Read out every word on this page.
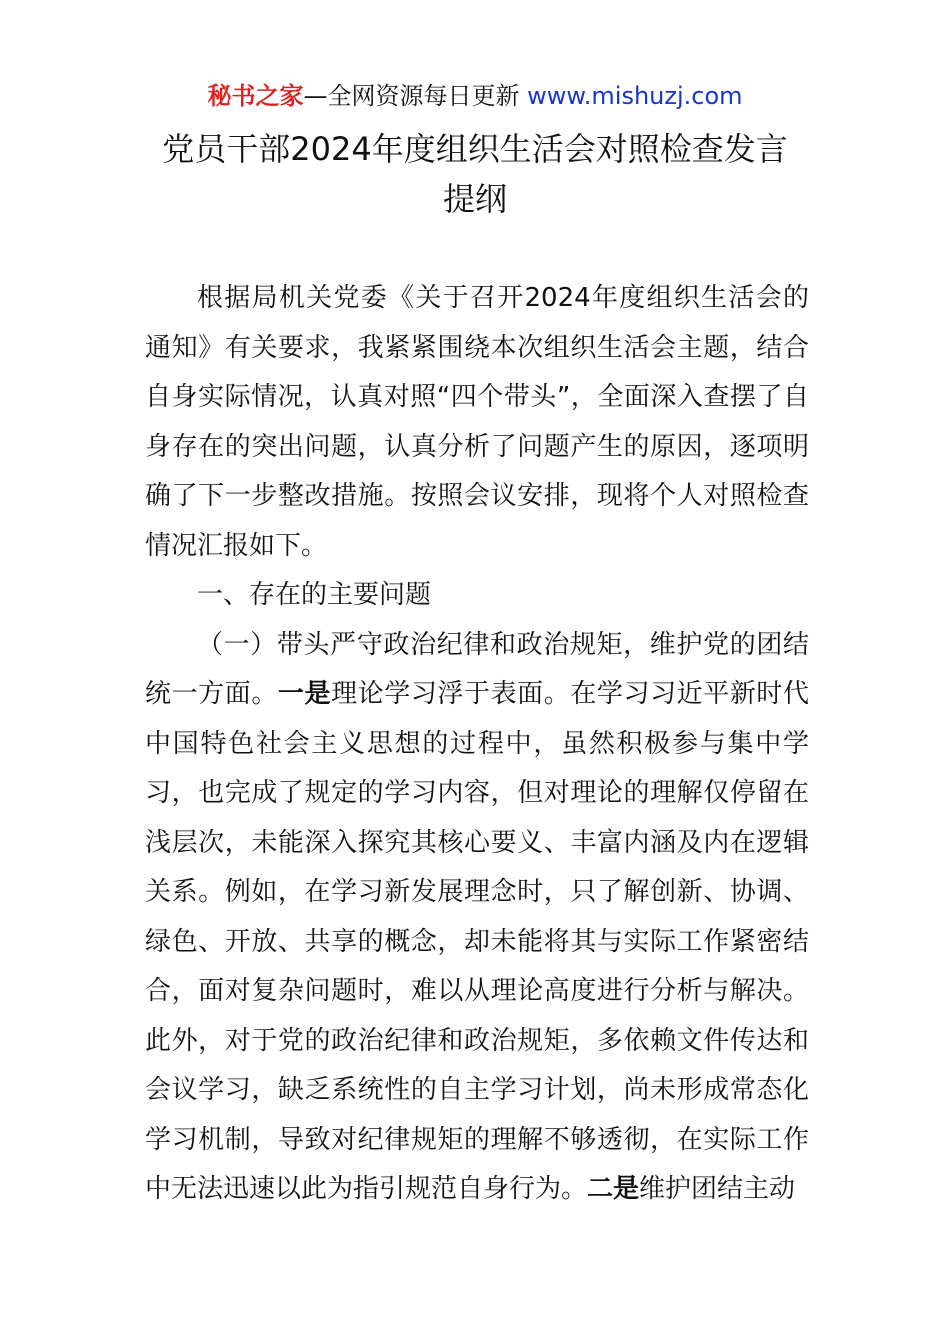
秘书之家—全网资源每日更新 www.mishuzj.com
党员干部2024年度组织生活会对照检查发言提纲

根据局机关党委《关于召开2024年度组织生活会的通知》有关要求，我紧紧围绕本次组织生活会主题，结合自身实际情况，认真对照“四个带头”，全面深入查摆了自身存在的突出问题，认真分析了问题产生的原因，逐项明确了下一步整改措施。按照会议安排，现将个人对照检查情况汇报如下。

一、存在的主要问题

（一）带头严守政治纪律和政治规矩，维护党的团结统一方面。一是理论学习浮于表面。在学习习近平新时代中国特色社会主义思想的过程中，虽然积极参与集中学习，也完成了规定的学习内容，但对理论的理解仅停留在浅层次，未能深入探究其核心要义、丰富内涵及内在逻辑关系。例如，在学习新发展理念时，只了解创新、协调、绿色、开放、共享的概念，却未能将其与实际工作紧密结合，面对复杂问题时，难以从理论高度进行分析与解决。此外，对于党的政治纪律和政治规矩，多依赖文件传达和会议学习，缺乏系统性的自主学习计划，尚未形成常态化学习机制，导致对纪律规矩的理解不够透彻，在实际工作中无法迅速以此为指引规范自身行为。二是维护团结主动
